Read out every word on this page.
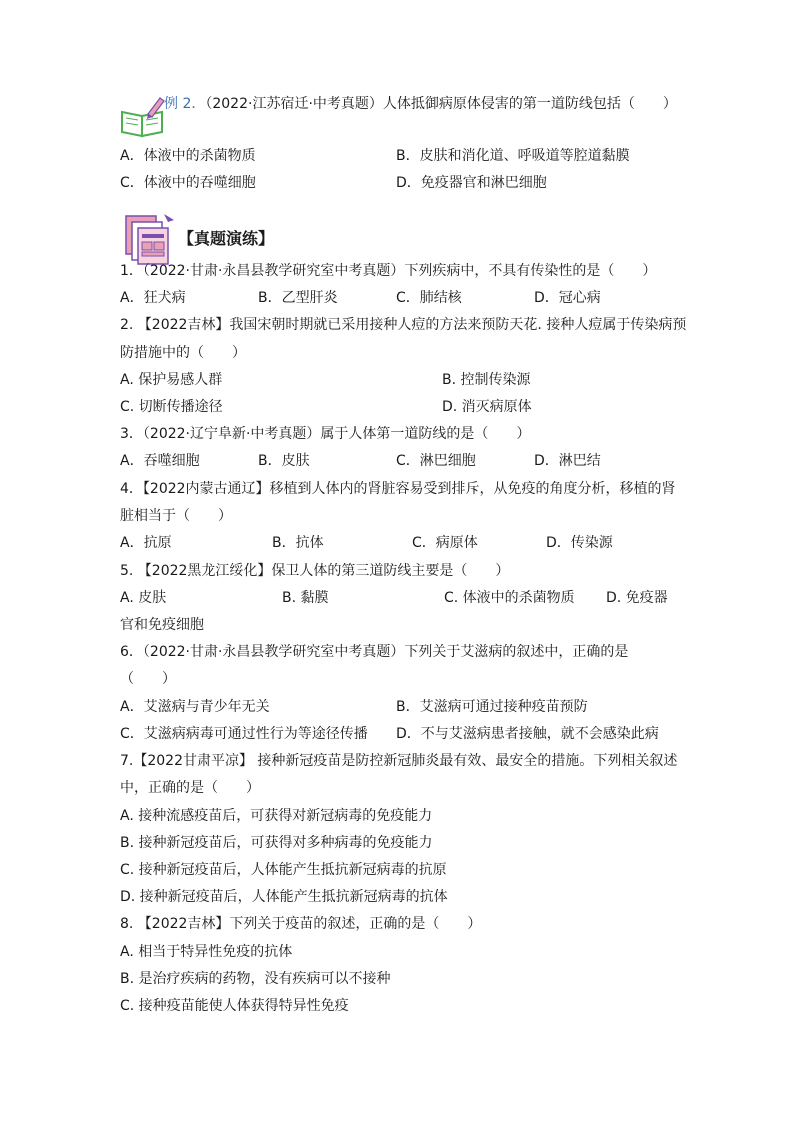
例 2．（2022·江苏宿迁·中考真题）人体抵御病原体侵害的第一道防线包括（　　）
A．体液中的杀菌物质	B．皮肤和消化道、呼吸道等腔道黏膜
C．体液中的吞噬细胞	D．免疫器官和淋巴细胞
【真题演练】
1．（2022·甘肃·永昌县教学研究室中考真题）下列疾病中，不具有传染性的是（　　）
A．狂犬病	B．乙型肝炎	C．肺结核	D．冠心病
2. 【2022吉林】我国宋朝时期就已采用接种人痘的方法来预防天花. 接种人痘属于传染病预
防措施中的（　　）
A. 保护易感人群	B. 控制传染源
C. 切断传播途径	D. 消灭病原体
3．（2022·辽宁阜新·中考真题）属于人体第一道防线的是（　　）
A．吞噬细胞	B．皮肤	C．淋巴细胞	D．淋巴结
4．【2022内蒙古通辽】移植到人体内的肾脏容易受到排斥，从免疫的角度分析，移植的肾
脏相当于（　　）
A．抗原	B．抗体	C．病原体	D．传染源
5. 【2022黑龙江绥化】保卫人体的第三道防线主要是（　　）
A. 皮肤	B. 黏膜	C. 体液中的杀菌物质 D. 免疫器
官和免疫细胞
6．（2022·甘肃·永昌县教学研究室中考真题）下列关于艾滋病的叙述中，正确的是
（　　）
A．艾滋病与青少年无关	B．艾滋病可通过接种疫苗预防
C．艾滋病病毒可通过性行为等途径传播 D．不与艾滋病患者接触，就不会感染此病
7.【2022甘肃平凉】 接种新冠疫苗是防控新冠肺炎最有效、最安全的措施。下列相关叙述
中，正确的是（　　）
A. 接种流感疫苗后，可获得对新冠病毒的免疫能力
B. 接种新冠疫苗后，可获得对多种病毒的免疫能力
C. 接种新冠疫苗后，人体能产生抵抗新冠病毒的抗原
D. 接种新冠疫苗后，人体能产生抵抗新冠病毒的抗体
8. 【2022吉林】下列关于疫苗的叙述，正确的是（　　）
A. 相当于特异性免疫的抗体
B. 是治疗疾病的药物，没有疾病可以不接种
C. 接种疫苗能使人体获得特异性免疫
